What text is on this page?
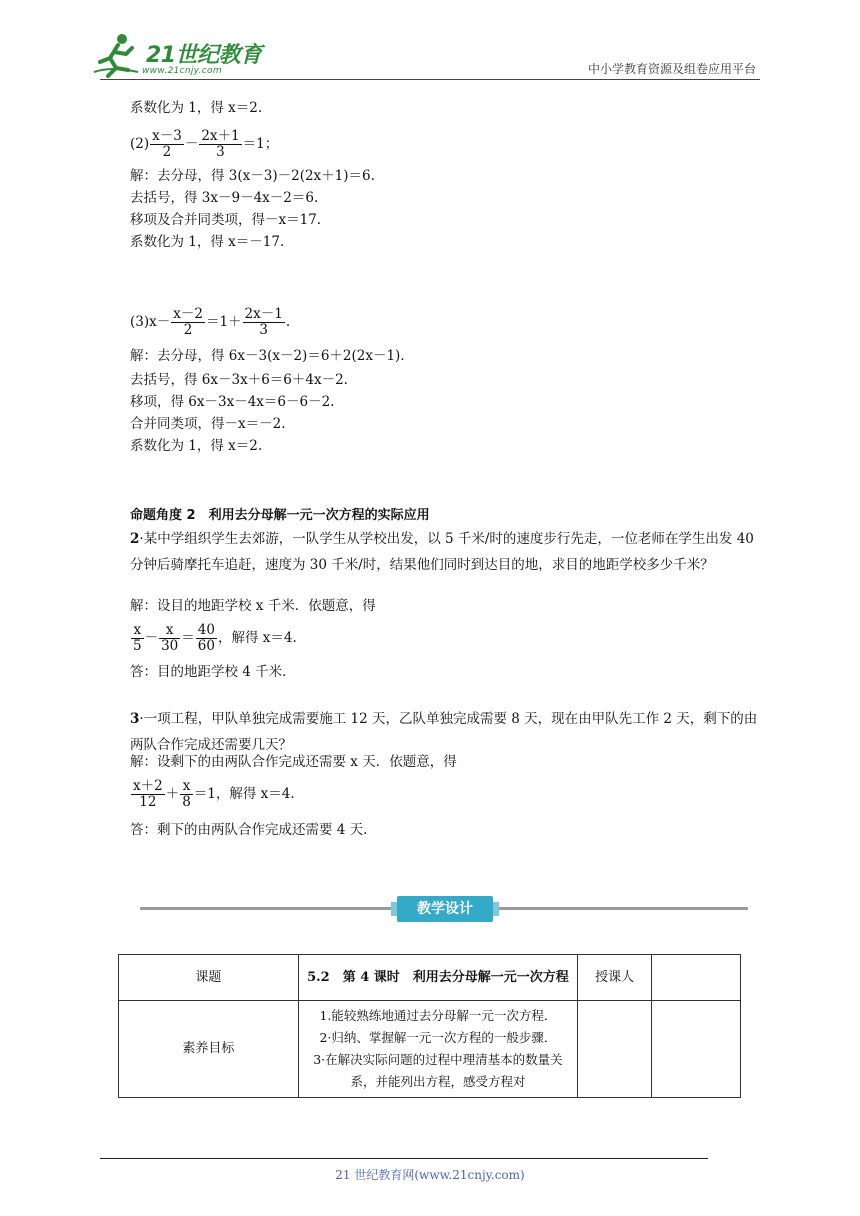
21世纪教育
www.21cnjy.com	中小学教育资源及组卷应用平台
系数化为 1，得 x＝2.
$(2) \frac{x-3}{2} - \frac{2x+1}{3} =1$；
解：去分母，得 3(x－3)－2(2x＋1)＝6.
去括号，得 3x－9－4x－2＝6.
移项及合并同类项，得－x＝17.
系数化为 1，得 x＝－17.
$(3)x- \frac{x-2}{2} =1+ \frac{2x-1}{3}$ .
解：去分母，得 6x－3(x－2)＝6＋2(2x－1)．
去括号，得 6x－3x＋6＝6＋4x－2.
移项，得 6x－3x－4x＝6－6－2.
合并同类项，得－x＝－2.
系数化为 1，得 x＝2.
命题角度 2　利用去分母解一元一次方程的实际应用
2·某中学组织学生去郊游，一队学生从学校出发，以 5 千米/时的速度步行先走，一位老师在学生出发 40 分钟后骑摩托车追赶，速度为 30 千米/时，结果他们同时到达目的地，求目的地距学校多少千米？
解：设目的地距学校 x 千米．依题意，得
$\frac{x}{5} - \frac{x}{30} = \frac{40}{60}$ ，解得 x＝4.
答：目的地距学校 4 千米．
3·一项工程，甲队单独完成需要施工 12 天，乙队单独完成需要 8 天，现在由甲队先工作 2 天，剩下的由两队合作完成还需要几天？
解：设剩下的由两队合作完成还需要 x 天．依题意，得
$\frac{x+2}{12} + \frac{x}{8} =1$，解得 x＝4.
答：剩下的由两队合作完成还需要 4 天.
教学设计
课题	5.2　第 4 课时　利用去分母解一元一次方程	授课人	
素养目标	1.能较熟练地通过去分母解一元一次方程．
2·归纳、掌握解一元一次方程的一般步骤．
3·在解决实际问题的过程中理清基本的数量关系，并能列出方程，感受方程对		

21 世纪教育网(www.21cnjy.com)
